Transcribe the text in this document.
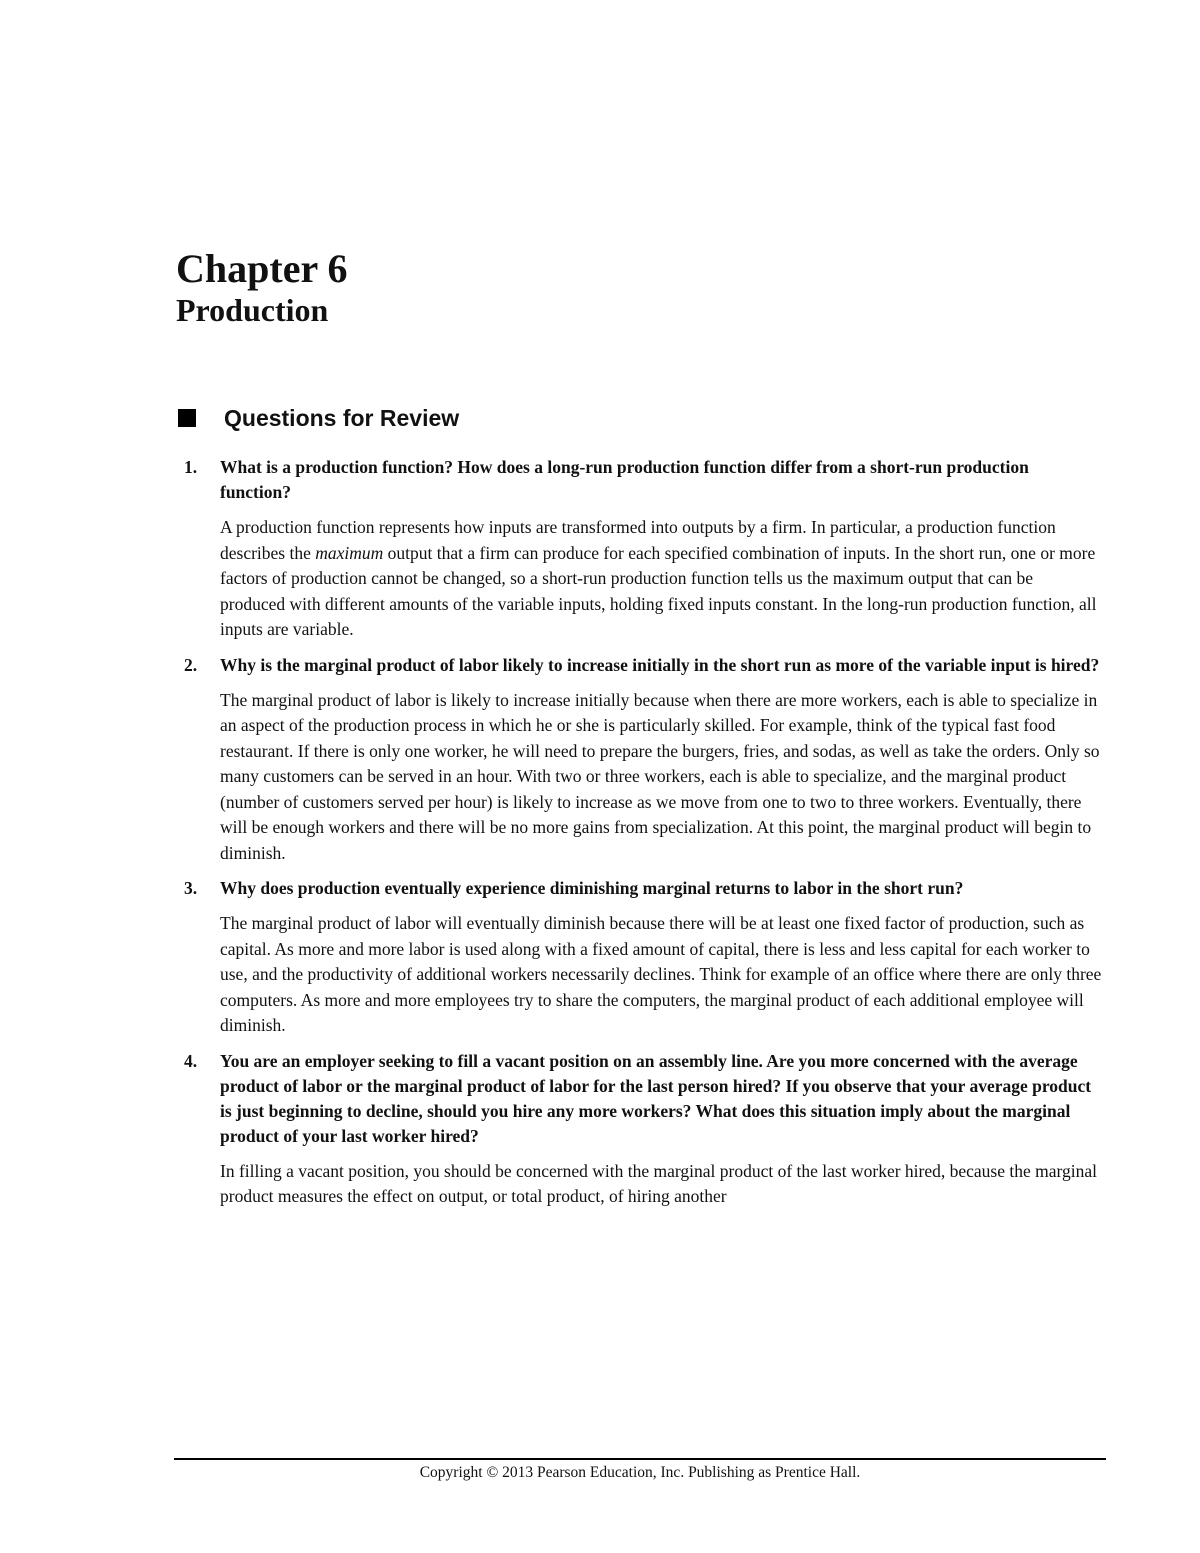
Chapter 6
Production
Questions for Review
1.	What is a production function? How does a long-run production function differ from a short-run production function?

A production function represents how inputs are transformed into outputs by a firm. In particular, a production function describes the maximum output that a firm can produce for each specified combination of inputs. In the short run, one or more factors of production cannot be changed, so a short-run production function tells us the maximum output that can be produced with different amounts of the variable inputs, holding fixed inputs constant. In the long-run production function, all inputs are variable.

2.	Why is the marginal product of labor likely to increase initially in the short run as more of the variable input is hired?

The marginal product of labor is likely to increase initially because when there are more workers, each is able to specialize in an aspect of the production process in which he or she is particularly skilled. For example, think of the typical fast food restaurant. If there is only one worker, he will need to prepare the burgers, fries, and sodas, as well as take the orders. Only so many customers can be served in an hour. With two or three workers, each is able to specialize, and the marginal product (number of customers served per hour) is likely to increase as we move from one to two to three workers. Eventually, there will be enough workers and there will be no more gains from specialization. At this point, the marginal product will begin to diminish.

3.	Why does production eventually experience diminishing marginal returns to labor in the short run?

The marginal product of labor will eventually diminish because there will be at least one fixed factor of production, such as capital. As more and more labor is used along with a fixed amount of capital, there is less and less capital for each worker to use, and the productivity of additional workers necessarily declines. Think for example of an office where there are only three computers. As more and more employees try to share the computers, the marginal product of each additional employee will diminish.

4.	You are an employer seeking to fill a vacant position on an assembly line. Are you more concerned with the average product of labor or the marginal product of labor for the last person hired? If you observe that your average product is just beginning to decline, should you hire any more workers? What does this situation imply about the marginal product of your last worker hired?

In filling a vacant position, you should be concerned with the marginal product of the last worker hired, because the marginal product measures the effect on output, or total product, of hiring another

Copyright © 2013 Pearson Education, Inc. Publishing as Prentice Hall.
